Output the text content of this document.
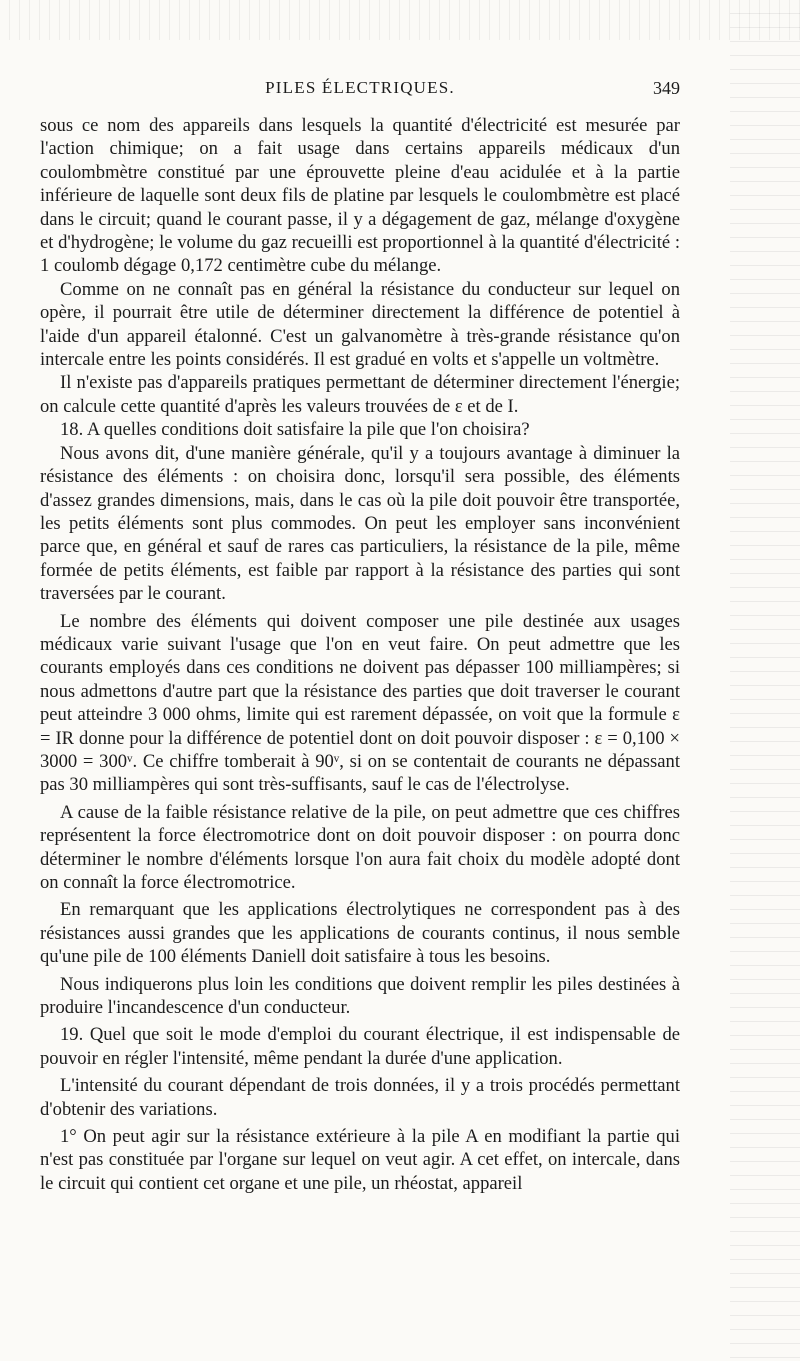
PILES ÉLECTRIQUES.	349

sous ce nom des appareils dans lesquels la quantité d'électricité est mesurée par l'action chimique; on a fait usage dans certains appareils médicaux d'un coulombmètre constitué par une éprouvette pleine d'eau acidulée et à la partie inférieure de laquelle sont deux fils de platine par lesquels le coulombmètre est placé dans le circuit; quand le courant passe, il y a dégagement de gaz, mélange d'oxygène et d'hydrogène; le volume du gaz recueilli est proportionnel à la quantité d'électricité : 1 coulomb dégage 0,172 centimètre cube du mélange.

Comme on ne connaît pas en général la résistance du conducteur sur lequel on opère, il pourrait être utile de déterminer directement la différence de potentiel à l'aide d'un appareil étalonné. C'est un galvanomètre à très-grande résistance qu'on intercale entre les points considérés. Il est gradué en volts et s'appelle un voltmètre.

Il n'existe pas d'appareils pratiques permettant de déterminer directement l'énergie; on calcule cette quantité d'après les valeurs trouvées de ε et de I.

18. A quelles conditions doit satisfaire la pile que l'on choisira?

Nous avons dit, d'une manière générale, qu'il y a toujours avantage à diminuer la résistance des éléments : on choisira donc, lorsqu'il sera possible, des éléments d'assez grandes dimensions, mais, dans le cas où la pile doit pouvoir être transportée, les petits éléments sont plus commodes. On peut les employer sans inconvénient parce que, en général et sauf de rares cas particuliers, la résistance de la pile, même formée de petits éléments, est faible par rapport à la résistance des parties qui sont traversées par le courant.

Le nombre des éléments qui doivent composer une pile destinée aux usages médicaux varie suivant l'usage que l'on en veut faire. On peut admettre que les courants employés dans ces conditions ne doivent pas dépasser 100 milliampères; si nous admettons d'autre part que la résistance des parties que doit traverser le courant peut atteindre 3 000 ohms, limite qui est rarement dépassée, on voit que la formule ε = IR donne pour la différence de potentiel dont on doit pouvoir disposer : ε = 0,100 × 3000 = 300ᵛ. Ce chiffre tomberait à 90ᵛ, si on se contentait de courants ne dépassant pas 30 milliampères qui sont très-suffisants, sauf le cas de l'électrolyse.

A cause de la faible résistance relative de la pile, on peut admettre que ces chiffres représentent la force électromotrice dont on doit pouvoir disposer : on pourra donc déterminer le nombre d'éléments lorsque l'on aura fait choix du modèle adopté dont on connaît la force électromotrice.

En remarquant que les applications électrolytiques ne correspondent pas à des résistances aussi grandes que les applications de courants continus, il nous semble qu'une pile de 100 éléments Daniell doit satisfaire à tous les besoins.

Nous indiquerons plus loin les conditions que doivent remplir les piles destinées à produire l'incandescence d'un conducteur.

19. Quel que soit le mode d'emploi du courant électrique, il est indispensable de pouvoir en régler l'intensité, même pendant la durée d'une application.

L'intensité du courant dépendant de trois données, il y a trois procédés permettant d'obtenir des variations.

1° On peut agir sur la résistance extérieure à la pile A en modifiant la partie qui n'est pas constituée par l'organe sur lequel on veut agir. A cet effet, on intercale, dans le circuit qui contient cet organe et une pile, un rhéostat, appareil
